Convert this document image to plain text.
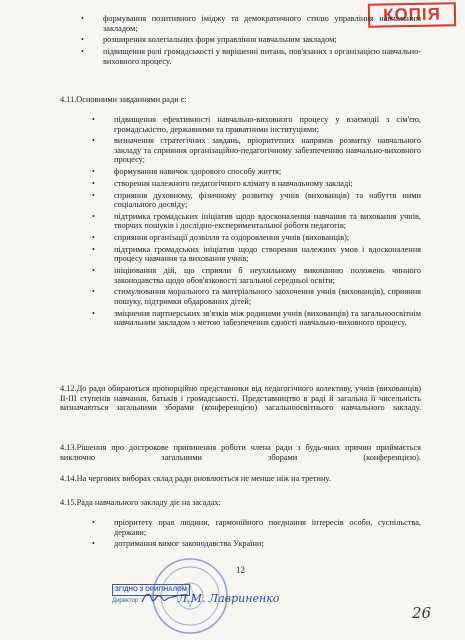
КОПІЯ
• формування позитивного іміджу та демократичного стилю управління навчальним закладом;
• розширення колегіальних форм управління навчальним закладом;
• підвищення ролі громадськості у вирішенні питань, пов'язаних з організацією навчально-виховного процесу.
4.11.Основними завданнями ради є:
• підвищення ефективності навчально-виховного процесу у взаємодії з сім'єю, громадськістю, державними та приватними інституціями;
• визначення стратегічних завдань, пріоритетних напрямів розвитку навчального закладу та сприяння організаційно-педагогічному забезпеченню навчально-виховного процесу;
• формування навичок здорового способу життя;
• створення належного педагогічного клімату в навчальному закладі;
• сприяння духовному, фізичному розвитку учнів (вихованців) та набуття ними соціального досвіду;
• підтримка громадських ініціатив щодо вдосконалення навчання та виховання учнів, творчих пошуків і дослідно-експериментальної роботи педагогів;
• сприяння організації дозвілля та оздоровлення учнів (вихованців);
• підтримка громадських ініціатив щодо створення належних умов і вдосконалення процесу навчання та виховання учнів;
• ініціювання дій, що сприяли б неухильному виконанню положень чинного законодавства щодо обов'язковості загальної середньої освіти;
• стимулювання морального та матеріального заохочення учнів (вихованців), сприяння пошуку, підтримки обдарованих дітей;
• зміцнення партнерських зв'язків між родинами учнів (вихованців) та загальноосвітнім навчальним закладом з метою забезпечення єдності навчально-виховного процесу.
4.12.До ради обираються пропорційно представники від педагогічного колективу, учнів (вихованців) ІІ-ІІІ ступенів навчання, батьків і громадськості. Представництво в раді й загальна її чисельність визначаються загальними зборами (конференцією) загальноосвітнього навчального закладу.
4.13.Рішення про дострокове припинення роботи члена ради з будь-яких причин приймається виключно загальними зборами (конференцією).
4.14.На чергових виборах склад ради оновлюється не менше ніж на третину.
4.15.Рада навчального закладу діє на засадах:
• пріоритету прав людини, гармонійного поєднання інтересів особи, суспільства, держави;
• дотримання вимог законодавства України;
12
ЗГІДНО З ОРИГІНАЛОМ
Директор	Л.М. Лавриненко
26
